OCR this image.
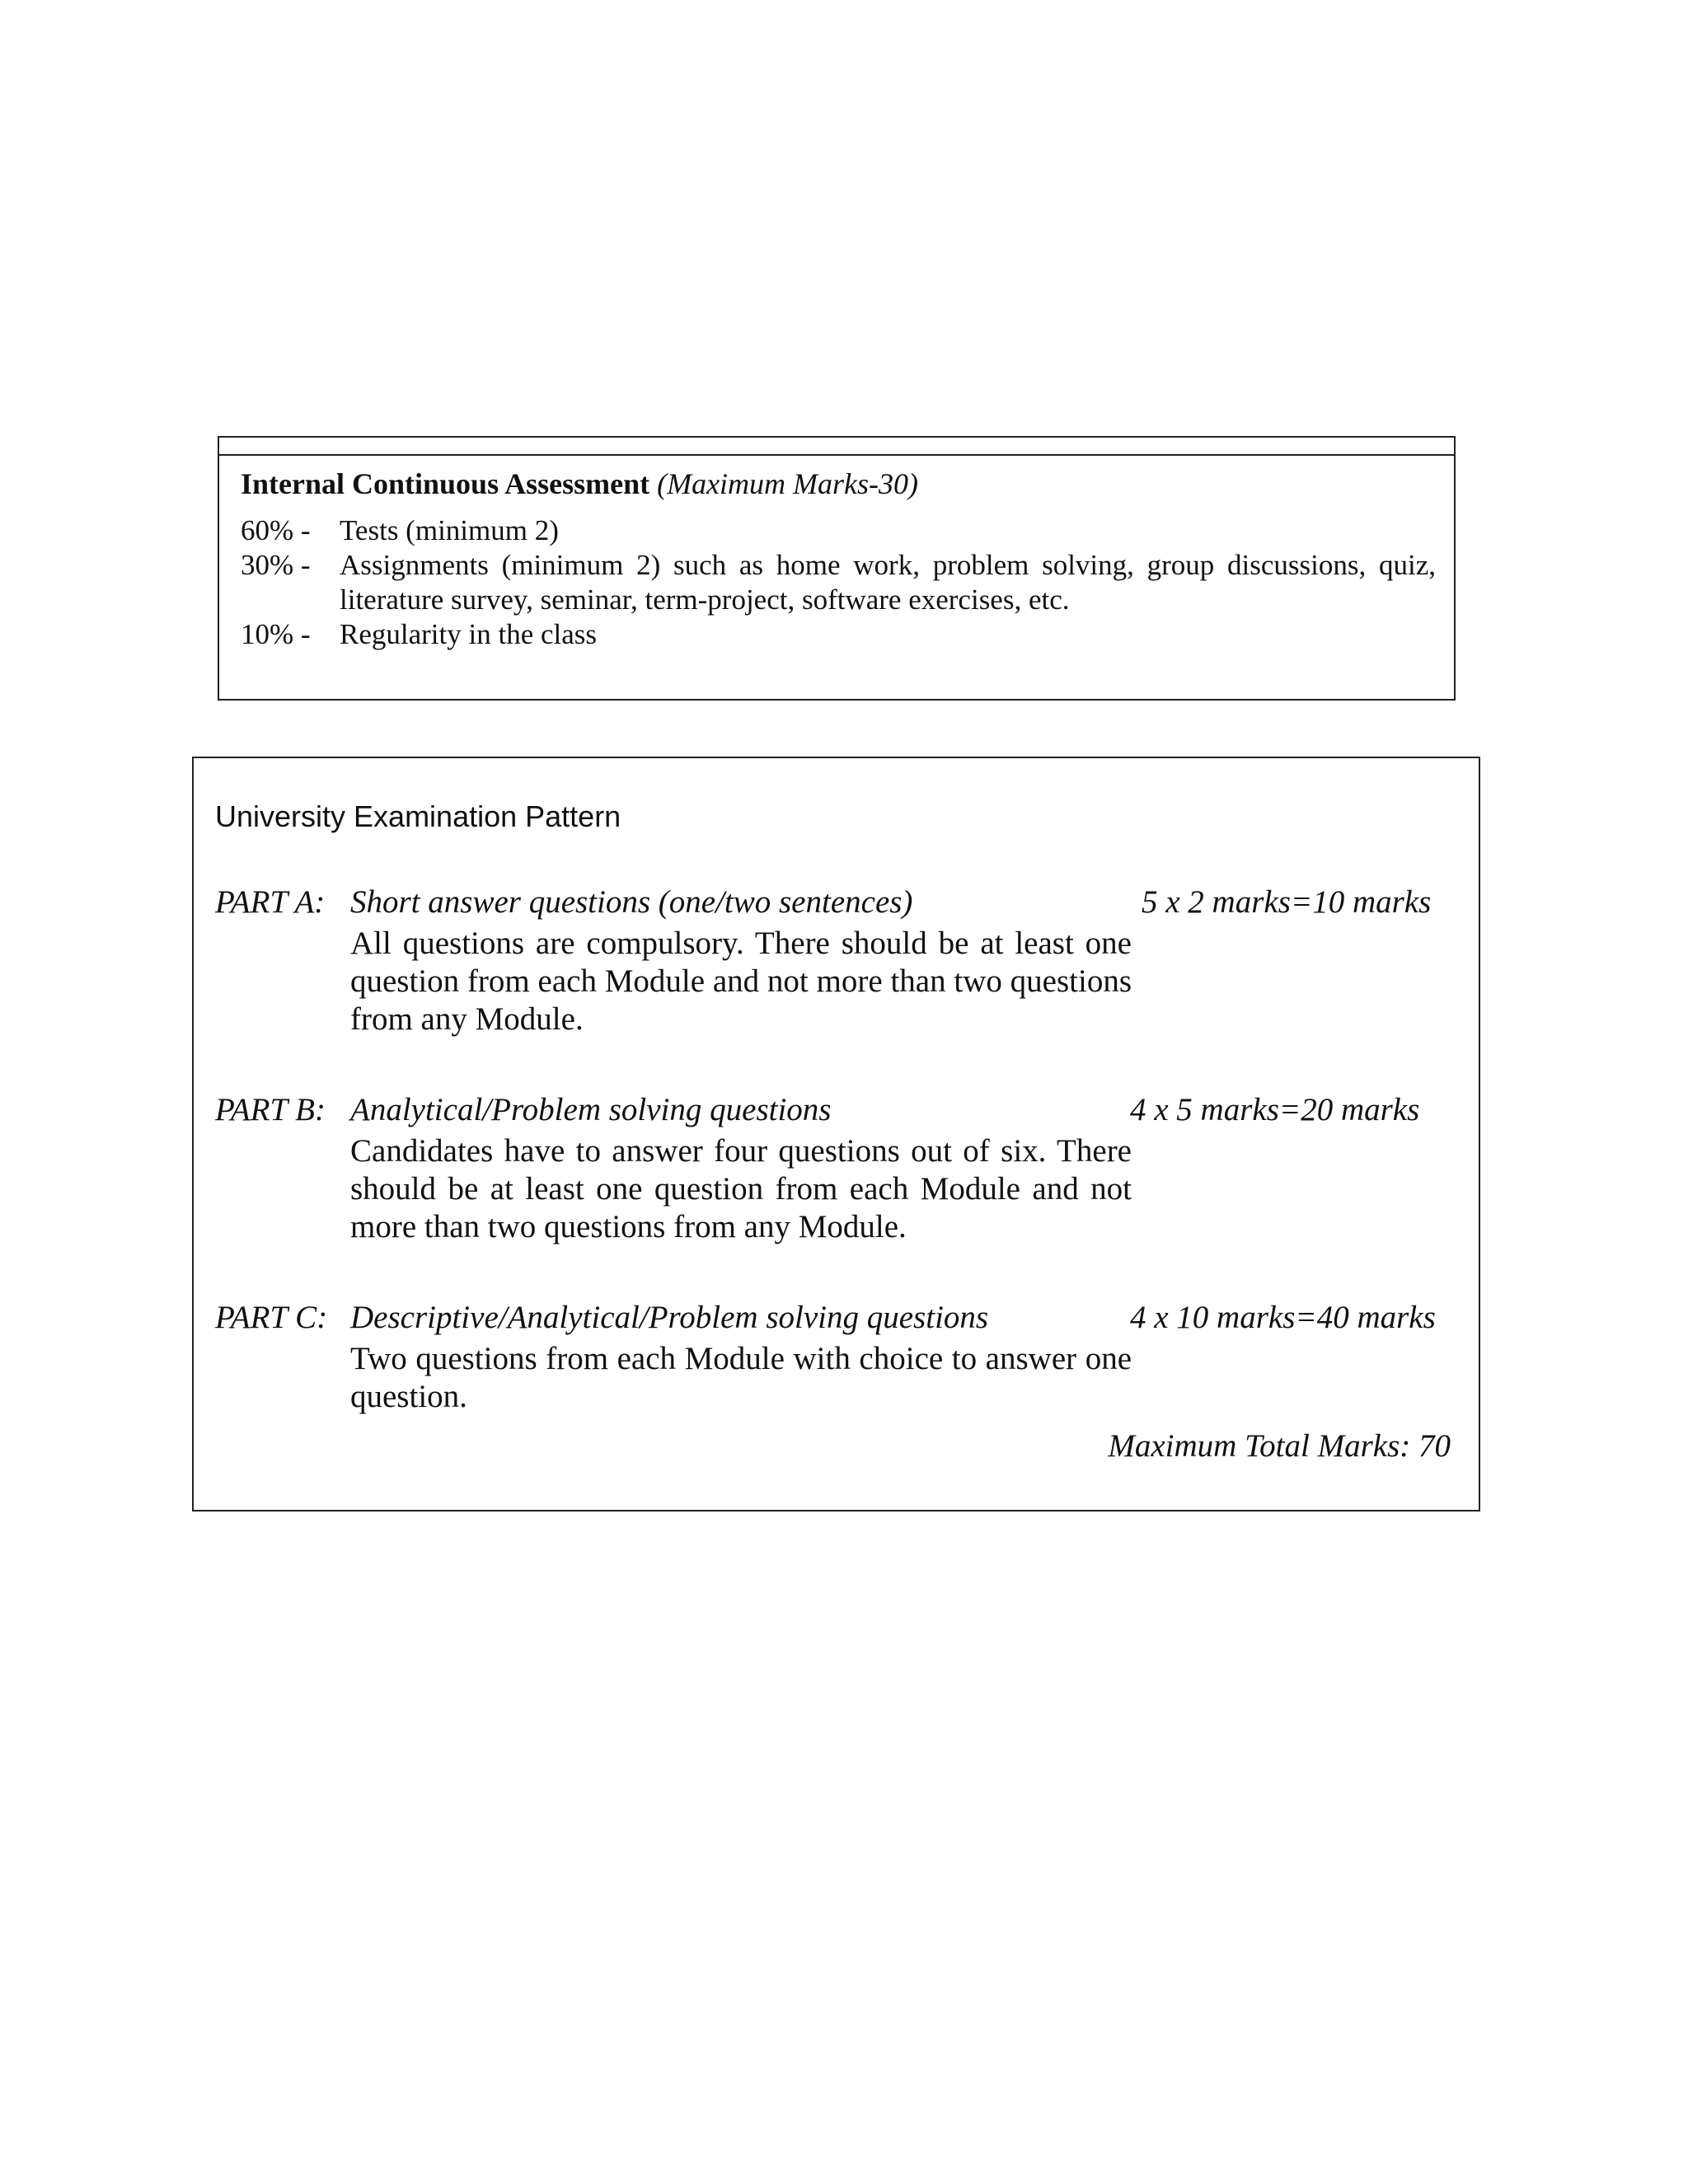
Internal Continuous Assessment (Maximum Marks-30)
60% -	Tests (minimum 2)
30% -	Assignments (minimum 2) such as home work, problem solving, group discussions, quiz, literature survey, seminar, term-project, software exercises, etc.
10% -	Regularity in the class
University Examination Pattern
PART A: Short answer questions (one/two sentences)	5 x 2 marks=10 marks
All questions are compulsory. There should be at least one question from each Module and not more than two questions from any Module.
PART B: Analytical/Problem solving questions	4 x 5 marks=20 marks
Candidates have to answer four questions out of six. There should be at least one question from each Module and not more than two questions from any Module.
PART C: Descriptive/Analytical/Problem solving questions	4 x 10 marks=40 marks
Two questions from each Module with choice to answer one question.
Maximum Total Marks: 70
